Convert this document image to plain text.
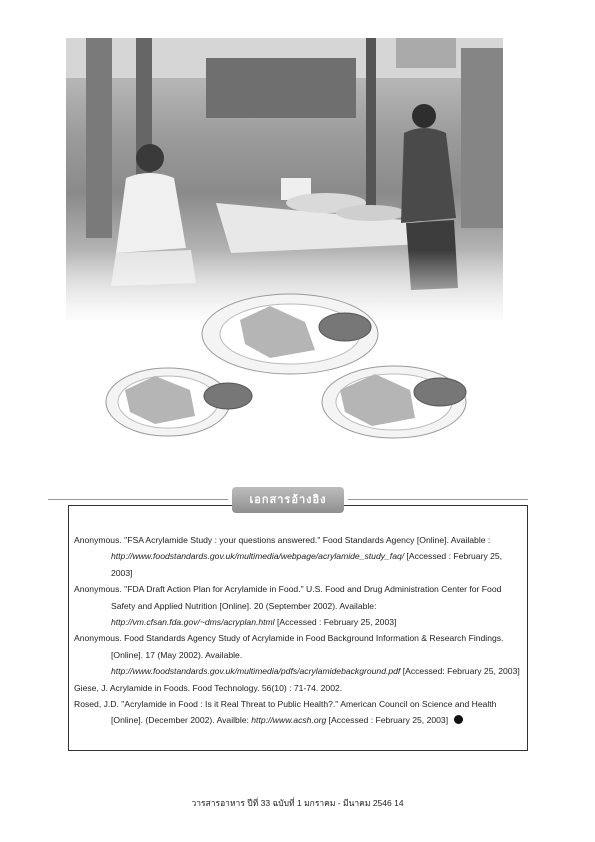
เอกสารอ้างอิง

Anonymous. "FSA Acrylamide Study : your questions answered." Food Standards Agency [Online]. Available : http://www.foodstandards.gov.uk/multimedia/webpage/acrylamide_study_faq/ [Accessed : February 25, 2003]

Anonymous. "FDA Draft Action Plan for Acrylamide in Food." U.S. Food and Drug Administration Center for Food Safety and Applied Nutrition [Online]. 20 (September 2002). Available: http://vm.cfsan.fda.gov/~dms/acryplan.html [Accessed : February 25, 2003]

Anonymous. Food Standards Agency Study of Acrylamide in Food Background Information & Research Findings. [Online]. 17 (May 2002). Available. http://www.foodstandards.gov.uk/multimedia/pdfs/acrylamidebackground.pdf [Accessed: February 25, 2003]

Giese, J. Acrylamide in Foods. Food Technology. 56(10) : 71-74. 2002.

Rosed, J.D. "Acrylamide in Food : Is it Real Threat to Public Health?." American Council on Science and Health [Online]. (December 2002). Availble: http://www.acsh.org [Accessed : February 25, 2003]

วารสารอาหาร ปีที่ 33 ฉบับที่ 1 มกราคม - มีนาคม 2546 14
